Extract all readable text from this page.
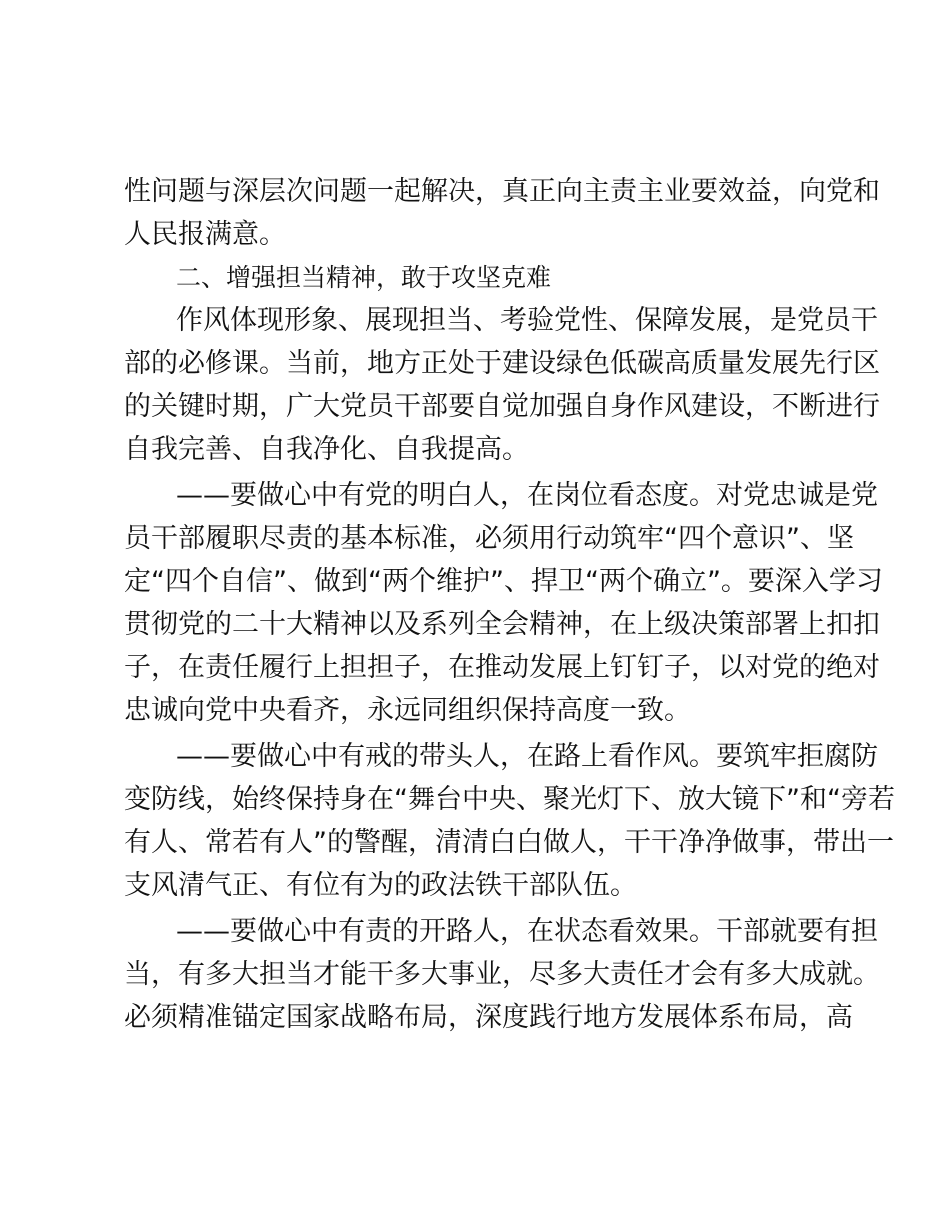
性问题与深层次问题一起解决，真正向主责主业要效益，向党和
人民报满意。
二、增强担当精神，敢于攻坚克难
作风体现形象、展现担当、考验党性、保障发展，是党员干
部的必修课。当前，地方正处于建设绿色低碳高质量发展先行区
的关键时期，广大党员干部要自觉加强自身作风建设，不断进行
自我完善、自我净化、自我提高。
——要做心中有党的明白人，在岗位看态度。对党忠诚是党
员干部履职尽责的基本标准，必须用行动筑牢“四个意识”、坚
定“四个自信”、做到“两个维护”、捍卫“两个确立”。要深入学习
贯彻党的二十大精神以及系列全会精神，在上级决策部署上扣扣
子，在责任履行上担担子，在推动发展上钉钉子，以对党的绝对
忠诚向党中央看齐，永远同组织保持高度一致。
——要做心中有戒的带头人，在路上看作风。要筑牢拒腐防
变防线，始终保持身在“舞台中央、聚光灯下、放大镜下”和“旁若
有人、常若有人”的警醒，清清白白做人，干干净净做事，带出一
支风清气正、有位有为的政法铁干部队伍。
——要做心中有责的开路人，在状态看效果。干部就要有担
当，有多大担当才能干多大事业，尽多大责任才会有多大成就。
必须精准锚定国家战略布局，深度践行地方发展体系布局，高
